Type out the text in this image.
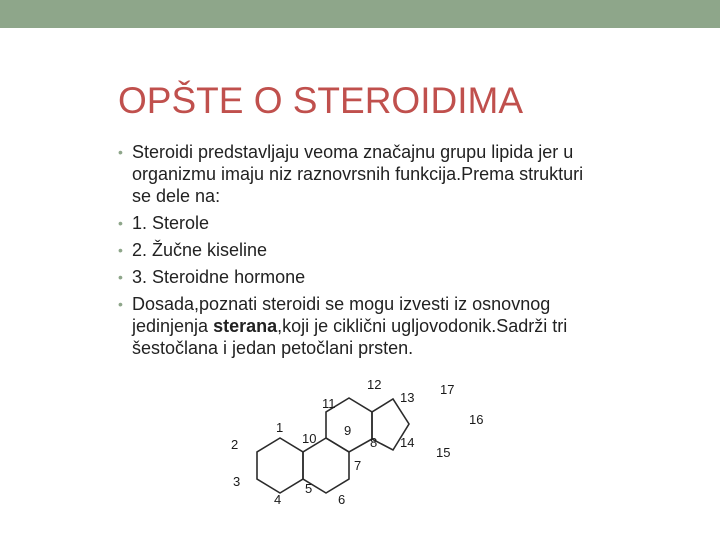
OPŠTE O STEROIDIMA
• Steroidi predstavljaju veoma značajnu grupu lipida jer u organizmu imaju niz raznovrsnih funkcija.Prema strukturi se dele na:
• 1. Sterole
• 2. Žučne kiseline
• 3. Steroidne hormone
• Dosada,poznati steroidi se mogu izvesti iz osnovnog jedinjenja sterana,koji je ciklični ugljovodonik.Sadrži tri šestočlana i jedan petočlani prsten.
1
2
3
4
5
6
7
8
9
10
11
12
13
14
15
16
17
